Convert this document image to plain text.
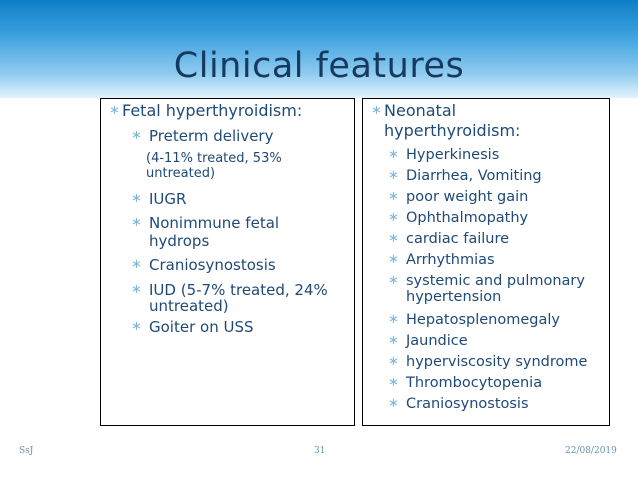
Clinical features
∗ Fetal hyperthyroidism:
∗ Preterm delivery
(4-11% treated, 53%
untreated)
∗ IUGR
∗ Nonimmune fetal
hydrops
∗ Craniosynostosis
∗ IUD (5-7% treated, 24%
untreated)
∗ Goiter on USS
∗ Neonatal
hyperthyroidism:
∗ Hyperkinesis
∗ Diarrhea, Vomiting
∗ poor weight gain
∗ Ophthalmopathy
∗ cardiac failure
∗ Arrhythmias
∗ systemic and pulmonary
hypertension
∗ Hepatosplenomegaly
∗ Jaundice
∗ hyperviscosity syndrome
∗ Thrombocytopenia
∗ Craniosynostosis
SsJ	31	22/08/2019
